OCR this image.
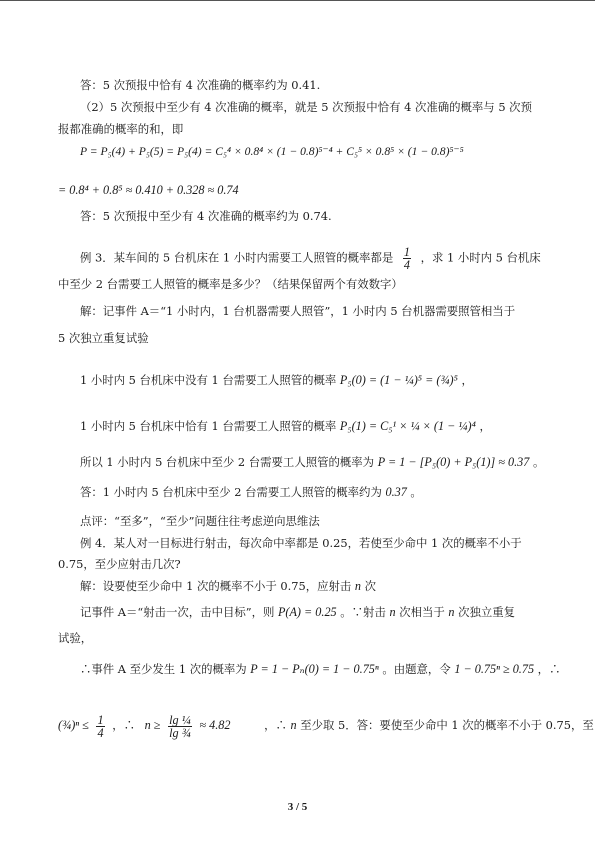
答：5 次预报中恰有 4 次准确的概率约为 0.41.
（2）5 次预报中至少有 4 次准确的概率，就是 5 次预报中恰有 4 次准确的概率与 5 次预
报都准确的概率的和，即
P = P₅(4) + P₅(5) = P₅(4) = C₅⁴ × 0.8⁴ × (1 − 0.8)⁵⁻⁴ + C₅⁵ × 0.8⁵ × (1 − 0.8)⁵⁻⁵
= 0.8⁴ + 0.8⁵ ≈ 0.410 + 0.328 ≈ 0.74
答：5 次预报中至少有 4 次准确的概率约为 0.74.
例 3．某车间的 5 台机床在 1 小时内需要工人照管的概率都是 $\frac{1}{4}$ ，求 1 小时内 5 台机床
中至少 2 台需要工人照管的概率是多少？（结果保留两个有效数字）
解：记事件 A＝“1 小时内，1 台机器需要人照管”，1 小时内 5 台机器需要照管相当于
5 次独立重复试验
1 小时内 5 台机床中没有 1 台需要工人照管的概率 P₅(0) = (1 − ¼)⁵ = (¾)⁵ ，
1 小时内 5 台机床中恰有 1 台需要工人照管的概率 P₅(1) = C₅¹ × ¼ × (1 − ¼)⁴ ，
所以 1 小时内 5 台机床中至少 2 台需要工人照管的概率为 P = 1 − [P₅(0) + P₅(1)] ≈ 0.37 。
答：1 小时内 5 台机床中至少 2 台需要工人照管的概率约为 0.37 。
点评：“至多”，“至少”问题往往考虑逆向思维法
例 4．某人对一目标进行射击，每次命中率都是 0.25，若使至少命中 1 次的概率不小于
0.75，至少应射击几次?
解：设要使至少命中 1 次的概率不小于 0.75，应射击 n 次
记事件 A＝“射击一次，击中目标”，则 P(A) = 0.25 。∵射击 n 次相当于 n 次独立重复
试验，
∴事件 A 至少发生 1 次的概率为 P = 1 − Pₙ(0) = 1 − 0.75ⁿ 。由题意，令 1 − 0.75ⁿ ≥ 0.75 ，∴
(¾)ⁿ ≤ $\frac{1}{4}$ ，∴ $n \ge \frac{\text{lg ¼}}{\text{lg ¾}} \approx 4.82$	，∴ n 至少取 5．答：要使至少命中 1 次的概率不小于 0.75，至
3 / 5
